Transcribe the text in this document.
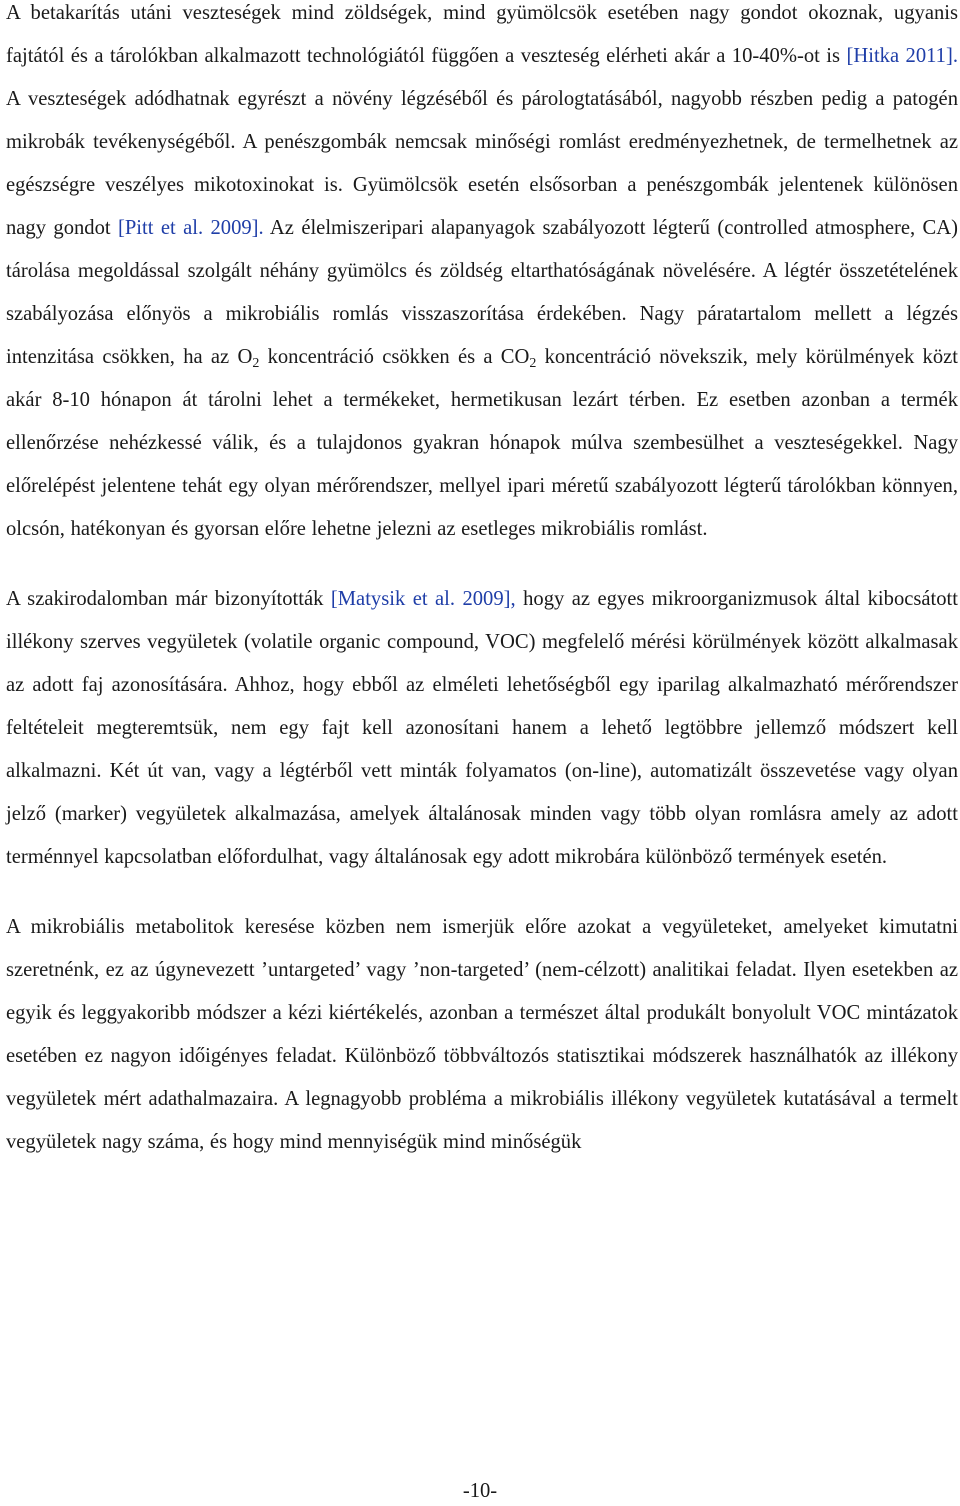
A betakarítás utáni veszteségek mind zöldségek, mind gyümölcsök esetében nagy gondot okoznak, ugyanis fajtától és a tárolókban alkalmazott technológiától függően a veszteség elérheti akár a 10-40%-ot is [Hitka 2011]. A veszteségek adódhatnak egyrészt a növény légzéséből és párologtatásából, nagyobb részben pedig a patogén mikrobák tevékenységéből. A penészgombák nemcsak minőségi romlást eredményezhetnek, de termelhetnek az egészségre veszélyes mikotoxinokat is. Gyümölcsök esetén elsősorban a penészgombák jelentenek különösen nagy gondot [Pitt et al. 2009]. Az élelmiszeripari alapanyagok szabályozott légterű (controlled atmosphere, CA) tárolása megoldással szolgált néhány gyümölcs és zöldség eltarthatóságának növelésére. A légtér összetételének szabályozása előnyös a mikrobiális romlás visszaszorítása érdekében. Nagy páratartalom mellett a légzés intenzitása csökken, ha az $O_2$ koncentráció csökken és a $CO_2$ koncentráció növekszik, mely körülmények közt akár 8-10 hónapon át tárolni lehet a termékeket, hermetikusan lezárt térben. Ez esetben azonban a termék ellenőrzése nehézkessé válik, és a tulajdonos gyakran hónapok múlva szembesülhet a veszteségekkel. Nagy előrelépést jelentene tehát egy olyan mérőrendszer, mellyel ipari méretű szabályozott légterű tárolókban könnyen, olcsón, hatékonyan és gyorsan előre lehetne jelezni az esetleges mikrobiális romlást.

A szakirodalomban már bizonyították [Matysik et al. 2009], hogy az egyes mikroorganizmusok által kibocsátott illékony szerves vegyületek (volatile organic compound, VOC) megfelelő mérési körülmények között alkalmasak az adott faj azonosítására. Ahhoz, hogy ebből az elméleti lehetőségből egy iparilag alkalmazható mérőrendszer feltételeit megteremtsük, nem egy fajt kell azonosítani hanem a lehető legtöbbre jellemző módszert kell alkalmazni. Két út van, vagy a légtérből vett minták folyamatos (on-line), automatizált összevetése vagy olyan jelző (marker) vegyületek alkalmazása, amelyek általánosak minden vagy több olyan romlásra amely az adott terménnyel kapcsolatban előfordulhat, vagy általánosak egy adott mikrobára különböző termények esetén.

A mikrobiális metabolitok keresése közben nem ismerjük előre azokat a vegyületeket, amelyeket kimutatni szeretnénk, ez az úgynevezett ’untargeted’ vagy ’non-targeted’ (nem-célzott) analitikai feladat. Ilyen esetekben az egyik és leggyakoribb módszer a kézi kiértékelés, azonban a természet által produkált bonyolult VOC mintázatok esetében ez nagyon időigényes feladat. Különböző többváltozós statisztikai módszerek használhatók az illékony vegyületek mért adathalmazaira. A legnagyobb probléma a mikrobiális illékony vegyületek kutatásával a termelt vegyületek nagy száma, és hogy mind mennyiségük mind minőségük

-10-
